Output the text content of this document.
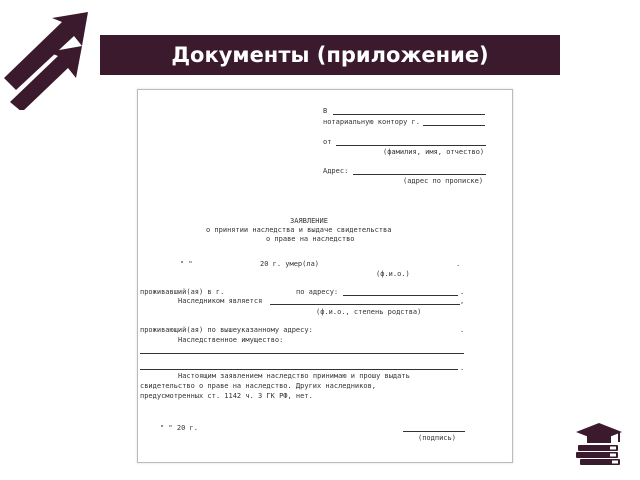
Документы (приложение)
В
нотариальную контору г.
от
(фамилия, имя, отчество)
Адрес:
(адрес по прописке)
ЗАЯВЛЕНИЕ
о принятии наследства и выдаче свидетельства
о праве на наследство
" "	20 г. умер(ла)	.
(ф.и.о.)
проживавший(ая) в г.	по адресу:	.
Наследником является	,
(ф.и.о., степень родства)
проживающий(ая) по вышеуказанному адресу:	.
Наследственное имущество:
.
Настоящим заявлением наследство принимаю и прошу выдать
свидетельство о праве на наследство. Других наследников,
предусмотренных ст. 1142 ч. 3 ГК РФ, нет.
" " 20 г.
(подпись)
